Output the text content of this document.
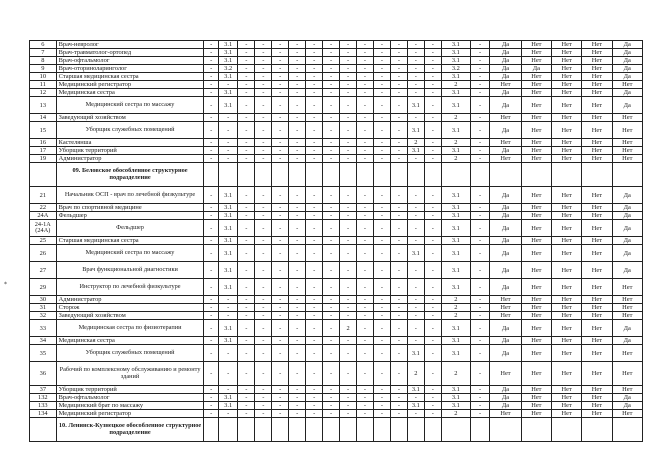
6	Врач-невролог	-	3.1	-	-	-	-	-	-	-	-	-	-	-	-	3.1	-	Да	Нет	Нет	Нет	Да
7	Врач-травматолог-ортопед	-	3.1	-	-	-	-	-	-	-	-	-	-	-	-	3.1	-	Да	Нет	Нет	Нет	Да
8	Врач-офтальмолог	-	3.1	-	-	-	-	-	-	-	-	-	-	-	-	3.1	-	Да	Нет	Нет	Нет	Да
9	Врач-оториноларинголог	-	3.2	-	-	-	-	-	-	-	-	-	-	-	-	3.2	-	Да	Да	Нет	Нет	Да
10	Старшая медицинская сестра	-	3.1	-	-	-	-	-	-	-	-	-	-	-	-	3.1	-	Да	Нет	Нет	Нет	Да
11	Медицинский регистратор	-	-	-	-	-	-	-	-	-	-	-	-	-	-	2	-	Нет	Нет	Нет	Нет	Нет
12	Медицинская сестра	-	3.1	-	-	-	-	-	-	-	-	-	-	-	-	3.1	-	Да	Нет	Нет	Нет	Да
13	Медицинский сестра по массажу	-	3.1	-	-	-	-	-	-	-	-	-	-	3.1	-	3.1	-	Да	Нет	Нет	Нет	Да
14	Заведующий хозяйством	-	-	-	-	-	-	-	-	-	-	-	-	-	-	2	-	Нет	Нет	Нет	Нет	Нет
15	Уборщик служебных помещений	-	-	-	-	-	-	-	-	-	-	-	-	3.1	-	3.1	-	Да	Нет	Нет	Нет	Нет
16	Кастелянша	-	-	-	-	-	-	-	-	-	-	-	-	2	-	2	-	Нет	Нет	Нет	Нет	Нет
17	Уборщик территорий	-	-	-	-	-	-	-	-	-	-	-	-	3.1	-	3.1	-	Да	Нет	Нет	Нет	Нет
19	Администратор	-	-	-	-	-	-	-	-	-	-	-	-	-	-	2	-	Нет	Нет	Нет	Нет	Нет
	09. Беловское обособленное структурное подразделение																					
21	Начальник ОСП - врач по лечебной физкультуре	-	3.1	-	-	-	-	-	-	-	-	-	-	-	-	3.1	-	Да	Нет	Нет	Нет	Да
22	Врач по спортивной медицине	-	3.1	-	-	-	-	-	-	-	-	-	-	-	-	3.1	-	Да	Нет	Нет	Нет	Да
24А	Фельдшер	-	3.1	-	-	-	-	-	-	-	-	-	-	-	-	3.1	-	Да	Нет	Нет	Нет	Да
24-1А (24А)	Фельдшер	-	3.1	-	-	-	-	-	-	-	-	-	-	-	-	3.1	-	Да	Нет	Нет	Нет	Да
25	Старшая медицинская сестра	-	3.1	-	-	-	-	-	-	-	-	-	-	-	-	3.1	-	Да	Нет	Нет	Нет	Да
26	Медицинский сестра по массажу	-	3.1	-	-	-	-	-	-	-	-	-	-	3.1	-	3.1	-	Да	Нет	Нет	Нет	Да
27	Врач функциональной диагностики	-	3.1	-	-	-	-	-	-	-	-	-	-	-	-	3.1	-	Да	Нет	Нет	Нет	Да
29	Инструктор по лечебной физкультуре	-	3.1	-	-	-	-	-	-	-	-	-	-	-	-	3.1	-	Да	Нет	Нет	Нет	Нет
30	Администратор	-	-	-	-	-	-	-	-	-	-	-	-	-	-	2	-	Нет	Нет	Нет	Нет	Нет
31	Сторож	-	-	-	-	-	-	-	-	-	-	-	-	-	-	2	-	Нет	Нет	Нет	Нет	Нет
32	Заведующий хозяйством	-	-	-	-	-	-	-	-	-	-	-	-	-	-	2	-	Нет	Нет	Нет	Нет	Нет
33	Медицинская сестра по физиотерапии	-	3.1	-	-	-	-	-	-	2	-	-	-	-	-	3.1	-	Да	Нет	Нет	Нет	Да
34	Медицинская сестра	-	3.1	-	-	-	-	-	-	-	-	-	-	-	-	3.1	-	Да	Нет	Нет	Нет	Да
35	Уборщик служебных помещений	-	-	-	-	-	-	-	-	-	-	-	-	3.1	-	3.1	-	Да	Нет	Нет	Нет	Нет
36	Рабочий по комплексному обслуживанию и ремонту зданий	-	-	-	-	-	-	-	-	-	-	-	-	2	-	2	-	Нет	Нет	Нет	Нет	Нет
37	Уборщик территорий	-	-	-	-	-	-	-	-	-	-	-	-	3.1	-	3.1	-	Да	Нет	Нет	Нет	Нет
132	Врач-офтальмолог	-	3.1	-	-	-	-	-	-	-	-	-	-	-	-	3.1	-	Да	Нет	Нет	Нет	Да
133	Медицинский брат по массажу	-	3.1	-	-	-	-	-	-	-	-	-	-	3.1	-	3.1	-	Да	Нет	Нет	Нет	Да
134	Медицинский регистратор	-	-	-	-	-	-	-	-	-	-	-	-	-	-	2	-	Нет	Нет	Нет	Нет	Нет
	10. Ленинск-Кузнецкое обособленное структурное подразделение																					
*
